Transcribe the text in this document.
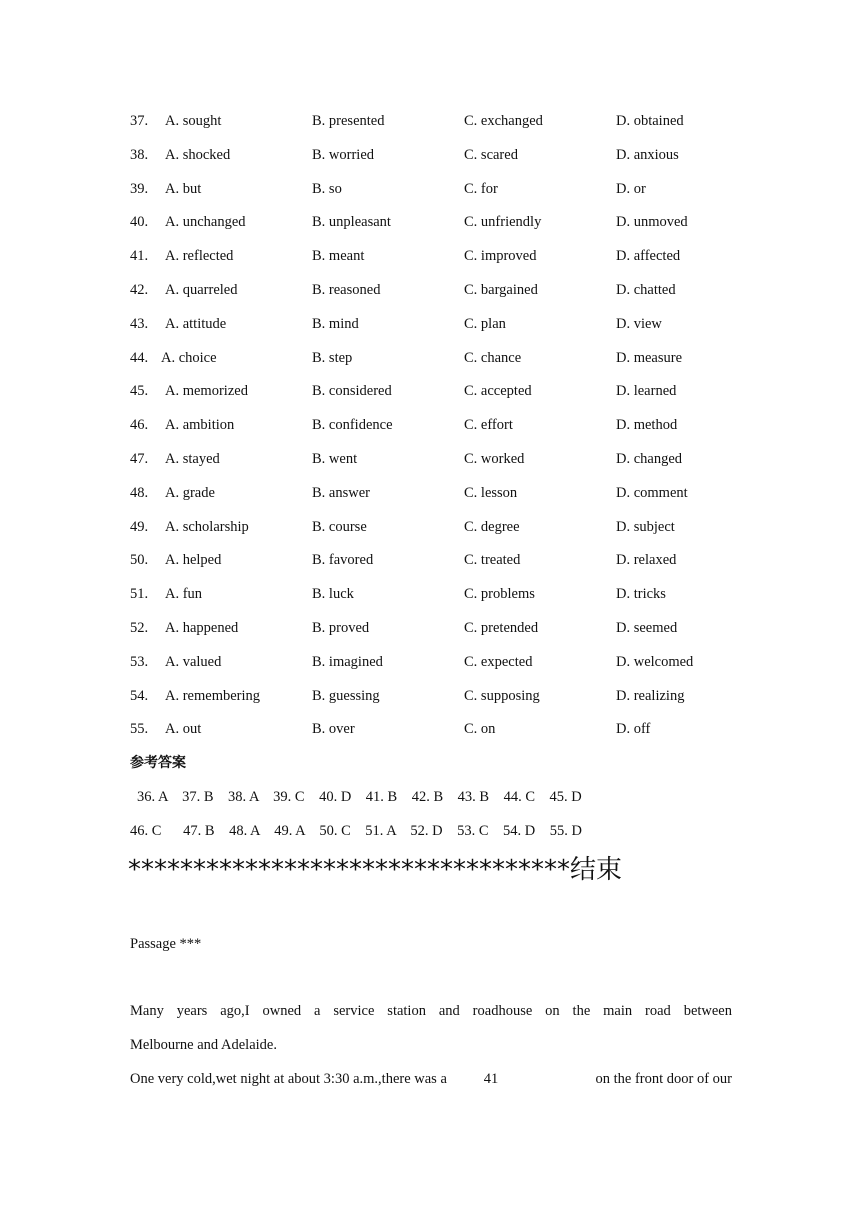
37. A. sought	B. presented	C. exchanged	D. obtained
38. A. shocked	B. worried	C. scared	D. anxious
39. A. but	B. so	C. for	D. or
40. A. unchanged	B. unpleasant	C. unfriendly	D. unmoved
41. A. reflected	B. meant	C. improved	D. affected
42. A. quarreled	B. reasoned	C. bargained	D. chatted
43. A. attitude	B. mind	C. plan	D. view
44. A. choice	B. step	C. chance	D. measure
45. A. memorized	B. considered	C. accepted	D. learned
46. A. ambition	B. confidence	C. effort	D. method
47. A. stayed	B. went	C. worked	D. changed
48. A. grade	B. answer	C. lesson	D. comment
49. A. scholarship	B. course	C. degree	D. subject
50. A. helped	B. favored	C. treated	D. relaxed
51. A. fun	B. luck	C. problems	D. tricks
52. A. happened	B. proved	C. pretended	D. seemed
53. A. valued	B. imagined	C. expected	D. welcomed
54. A. remembering	B. guessing	C. supposing	D. realizing
55. A. out	B. over	C. on	D. off
参考答案
36. A    37. B    38. A    39. C    40. D    41. B    42. B    43. B    44. C    45. D
46. C      47. B    48. A    49. A    50. C    51. A    52. D    53. C    54. D    55. D
**********************************结束
Passage ***
Many years ago,I owned a service station and roadhouse on the main road between
Melbourne and Adelaide.
One very cold,wet night at about 3:30 a.m.,there was a	41	on the front door of our
